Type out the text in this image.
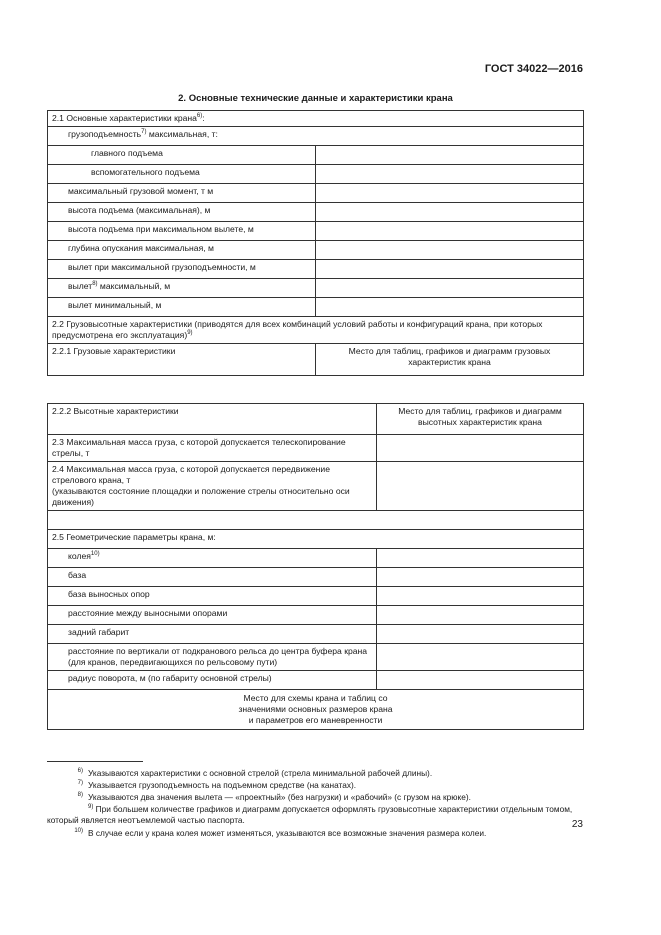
ГОСТ 34022—2016
2. Основные технические данные и характеристики крана
2.1 Основные характеристики крана$^{6)}$:	
грузоподъемность$^{7)}$ максимальная, т:	
главного подъема	
вспомогательного подъема	
максимальный грузовой момент, т м	
высота подъема (максимальная), м	
высота подъема при максимальном вылете, м	
глубина опускания максимальная, м	
вылет при максимальной грузоподъемности, м	
вылет$^{8)}$ максимальный, м	
вылет минимальный, м	
2.2 Грузовысотные характеристики (приводятся для всех комбинаций условий работы и конфигураций крана, при которых предусмотрена его эксплуатация)$^{9)}$
2.2.1 Грузовые характеристики	Место для таблиц, графиков и диаграмм грузовых характеристик крана
2.2.2 Высотные характеристики	Место для таблиц, графиков и диаграмм высотных характеристик крана
2.3 Максимальная масса груза, с которой допускается телескопирование стрелы, т	

2.4 Максимальная масса груза, с которой допускается передвижение стрелового крана, т
(указываются состояние площадки и положение стрелы относительно оси движения)	

2.5 Геометрические параметры крана, м:	
колея$^{10)}$	
база	
база выносных опор	
расстояние между выносными опорами	
задний габарит	
расстояние по вертикали от подкранового рельса до центра буфера крана (для кранов, передвигающихся по рельсовому пути)	
радиус поворота, м (по габариту основной стрелы)	
Место для схемы крана и таблиц со значениями основных размеров крана и параметров его маневренности	
$^{6)}$ Указываются характеристики с основной стрелой (стрела минимальной рабочей длины).
$^{7)}$ Указывается грузоподъемность на подъемном средстве (на канатах).
$^{8)}$ Указываются два значения вылета — «проектный» (без нагрузки) и «рабочий» (с грузом на крюке).
$^{9)}$ При большем количестве графиков и диаграмм допускается оформлять грузовысотные характеристики отдельным томом, который является неотъемлемой частью паспорта.
$^{10)}$ В случае если у крана колея может изменяться, указываются все возможные значения размера колеи.
23
